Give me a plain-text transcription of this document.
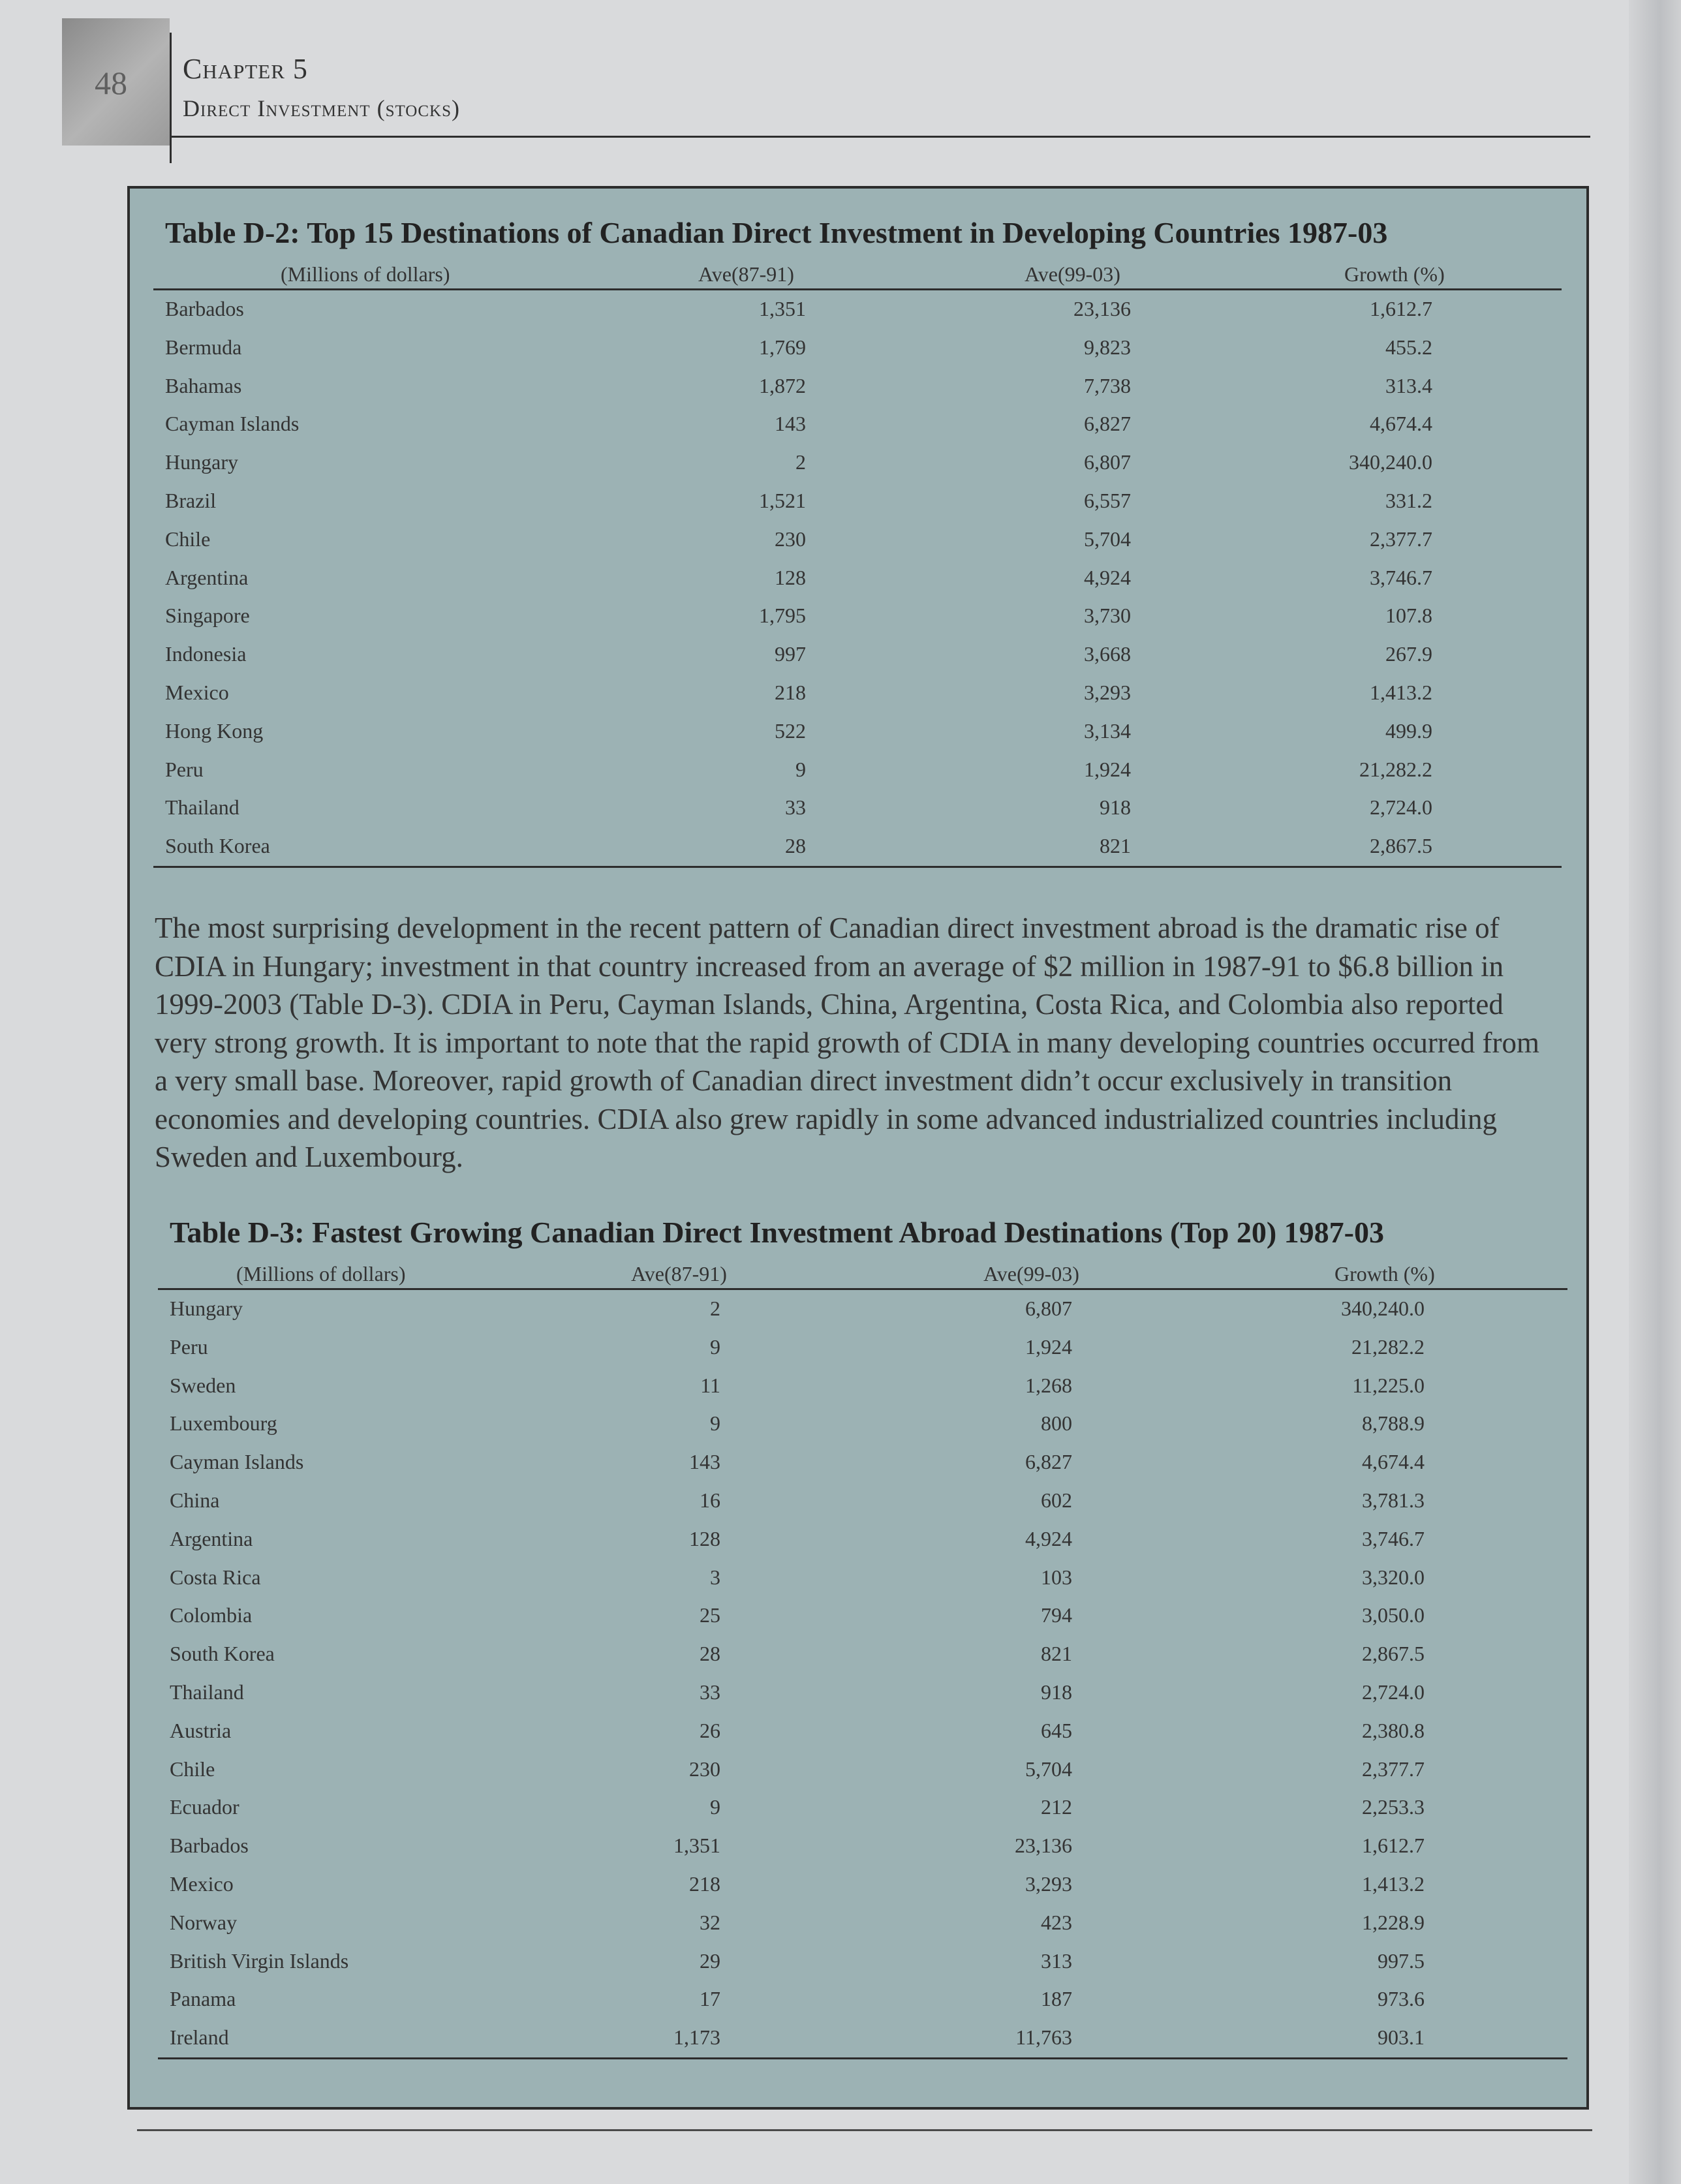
48 Chapter 5
Direct Investment (stocks)
Table D-2: Top 15 Destinations of Canadian Direct Investment in Developing Countries 1987-03
(Millions of dollars)	Ave(87-91)	Ave(99-03)	Growth (%)
Barbados	1,351	23,136	1,612.7
Bermuda	1,769	9,823	455.2
Bahamas	1,872	7,738	313.4
Cayman Islands	143	6,827	4,674.4
Hungary	2	6,807	340,240.0
Brazil	1,521	6,557	331.2
Chile	230	5,704	2,377.7
Argentina	128	4,924	3,746.7
Singapore	1,795	3,730	107.8
Indonesia	997	3,668	267.9
Mexico	218	3,293	1,413.2
Hong Kong	522	3,134	499.9
Peru	9	1,924	21,282.2
Thailand	33	918	2,724.0
South Korea	28	821	2,867.5
The most surprising development in the recent pattern of Canadian direct investment abroad is the dramatic rise of CDIA in Hungary; investment in that country increased from an average of $2 million in 1987-91 to $6.8 billion in 1999-2003 (Table D-3). CDIA in Peru, Cayman Islands, China, Argentina, Costa Rica, and Colombia also reported very strong growth. It is important to note that the rapid growth of CDIA in many developing countries occurred from a very small base. Moreover, rapid growth of Canadian direct investment didn’t occur exclusively in transition economies and developing countries. CDIA also grew rapidly in some advanced industrialized countries including Sweden and Luxembourg.
Table D-3: Fastest Growing Canadian Direct Investment Abroad Destinations (Top 20) 1987-03
(Millions of dollars)	Ave(87-91)	Ave(99-03)	Growth (%)
Hungary	2	6,807	340,240.0
Peru	9	1,924	21,282.2
Sweden	11	1,268	11,225.0
Luxembourg	9	800	8,788.9
Cayman Islands	143	6,827	4,674.4
China	16	602	3,781.3
Argentina	128	4,924	3,746.7
Costa Rica	3	103	3,320.0
Colombia	25	794	3,050.0
South Korea	28	821	2,867.5
Thailand	33	918	2,724.0
Austria	26	645	2,380.8
Chile	230	5,704	2,377.7
Ecuador	9	212	2,253.3
Barbados	1,351	23,136	1,612.7
Mexico	218	3,293	1,413.2
Norway	32	423	1,228.9
British Virgin Islands	29	313	997.5
Panama	17	187	973.6
Ireland	1,173	11,763	903.1
